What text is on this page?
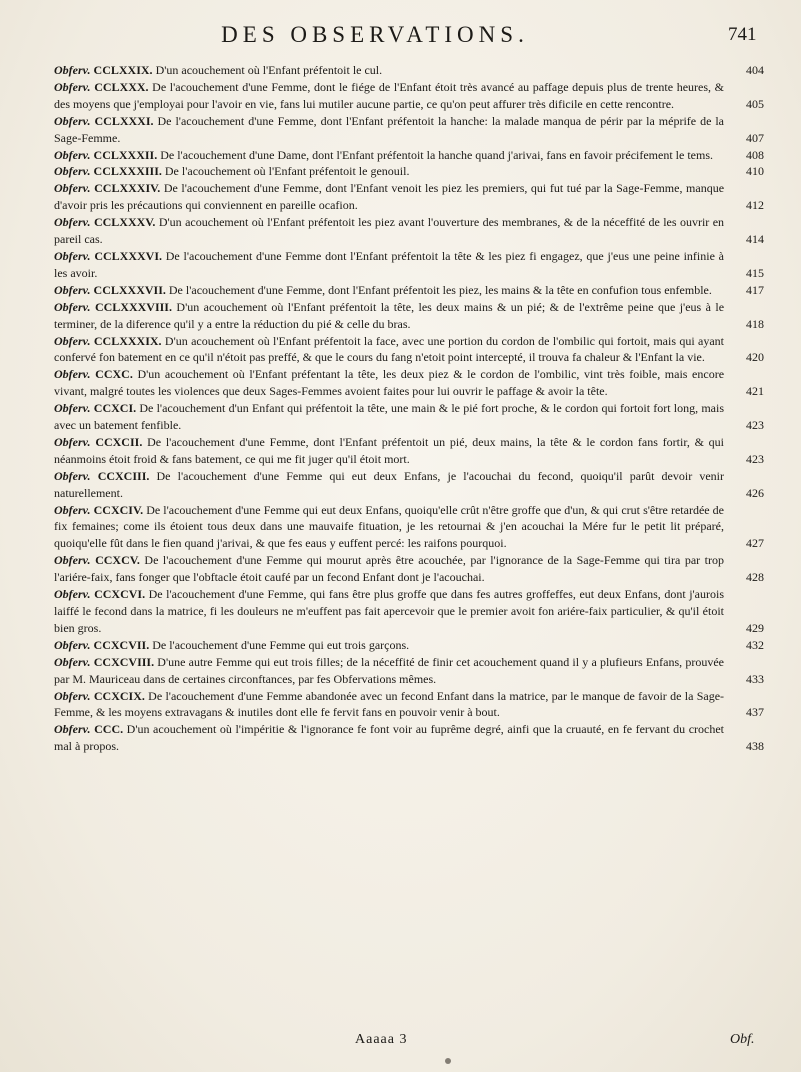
DES OBSERVATIONS.	741

Obferv. CCLXXIX. D'un acouchement où l'Enfant préfentoit le cul.	404

Obferv. CCLXXX. De l'acouchement d'une Femme, dont le fiége de l'Enfant étoit très avancé au paffage depuis plus de trente heures, & des moyens que j'employai pour l'avoir en vie, fans lui mutiler aucune partie, ce qu'on peut affurer très dificile en cette rencontre.	405

Obferv. CCLXXXI. De l'acouchement d'une Femme, dont l'Enfant préfentoit la hanche: la malade manqua de périr par la méprife de la Sage-Femme.	407

Obferv. CCLXXXII. De l'acouchement d'une Dame, dont l'Enfant préfentoit la hanche quand j'arivai, fans en favoir précifement le tems.	408

Obferv. CCLXXXIII. De l'acouchement où l'Enfant préfentoit le genouil.	410

Obferv. CCLXXXIV. De l'acouchement d'une Femme, dont l'Enfant venoit les piez les premiers, qui fut tué par la Sage-Femme, manque d'avoir pris les précautions qui conviennent en pareille ocafion.	412

Obferv. CCLXXXV. D'un acouchement où l'Enfant préfentoit les piez avant l'ouverture des membranes, & de la néceffité de les ouvrir en pareil cas.	414

Obferv. CCLXXXVI. De l'acouchement d'une Femme dont l'Enfant préfentoit la tête & les piez fi engagez, que j'eus une peine infinie à les avoir.	415

Obferv. CCLXXXVII. De l'acouchement d'une Femme, dont l'Enfant préfentoit les piez, les mains & la tête en confufion tous enfemble.	417

Obferv. CCLXXXVIII. D'un acouchement où l'Enfant préfentoit la tête, les deux mains & un pié; & de l'extrême peine que j'eus à le terminer, de la diference qu'il y a entre la réduction du pié & celle du bras.	418

Obferv. CCLXXXIX. D'un acouchement où l'Enfant préfentoit la face, avec une portion du cordon de l'ombilic qui fortoit, mais qui ayant confervé fon batement en ce qu'il n'étoit pas preffé, & que le cours du fang n'etoit point intercepté, il trouva fa chaleur & l'Enfant la vie.	420

Obferv. CCXC. D'un acouchement où l'Enfant préfentant la tête, les deux piez & le cordon de l'ombilic, vint très foible, mais encore vivant, malgré toutes les violences que deux Sages-Femmes avoient faites pour lui ouvrir le paffage & avoir la tête.	421

Obferv. CCXCI. De l'acouchement d'un Enfant qui préfentoit la tête, une main & le pié fort proche, & le cordon qui fortoit fort long, mais avec un batement fenfible.	423

Obferv. CCXCII. De l'acouchement d'une Femme, dont l'Enfant préfentoit un pié, deux mains, la tête & le cordon fans fortir, & qui néanmoins étoit froid & fans batement, ce qui me fit juger qu'il étoit mort.	423

Obferv. CCXCIII. De l'acouchement d'une Femme qui eut deux Enfans, je l'acouchai du fecond, quoiqu'il parût devoir venir naturellement.	426

Obferv. CCXCIV. De l'acouchement d'une Femme qui eut deux Enfans, quoiqu'elle crût n'être groffe que d'un, & qui crut s'être retardée de fix femaines; come ils étoient tous deux dans une mauvaife fituation, je les retournai & j'en acouchai la Mére fur le petit lit préparé, quoiqu'elle fût dans le fien quand j'arivai, & que fes eaus y euffent percé: les raifons pourquoi.	427

Obferv. CCXCV. De l'acouchement d'une Femme qui mourut après être acouchée, par l'ignorance de la Sage-Femme qui tira par trop l'ariére-faix, fans fonger que l'obftacle étoit caufé par un fecond Enfant dont je l'acouchai.	428

Obferv. CCXCVI. De l'acouchement d'une Femme, qui fans être plus groffe que dans fes autres groffeffes, eut deux Enfans, dont j'aurois laiffé le fecond dans la matrice, fi les douleurs ne m'euffent pas fait apercevoir que le premier avoit fon ariére-faix particulier, & qu'il étoit bien gros.	429

Obferv. CCXCVII. De l'acouchement d'une Femme qui eut trois garçons.	432

Obferv. CCXCVIII. D'une autre Femme qui eut trois filles; de la néceffité de finir cet acouchement quand il y a plufieurs Enfans, prouvée par M. Mauriceau dans de certaines circonftances, par fes Obfervations mêmes.	433

Obferv. CCXCIX. De l'acouchement d'une Femme abandonée avec un fecond Enfant dans la matrice, par le manque de favoir de la Sage-Femme, & les moyens extravagans & inutiles dont elle fe fervit fans en pouvoir venir à bout.	437

Obferv. CCC. D'un acouchement où l'impéritie & l'ignorance fe font voir au fuprême degré, ainfi que la cruauté, en fe fervant du crochet mal à propos.	438

Aaaaa 3	Obf.
